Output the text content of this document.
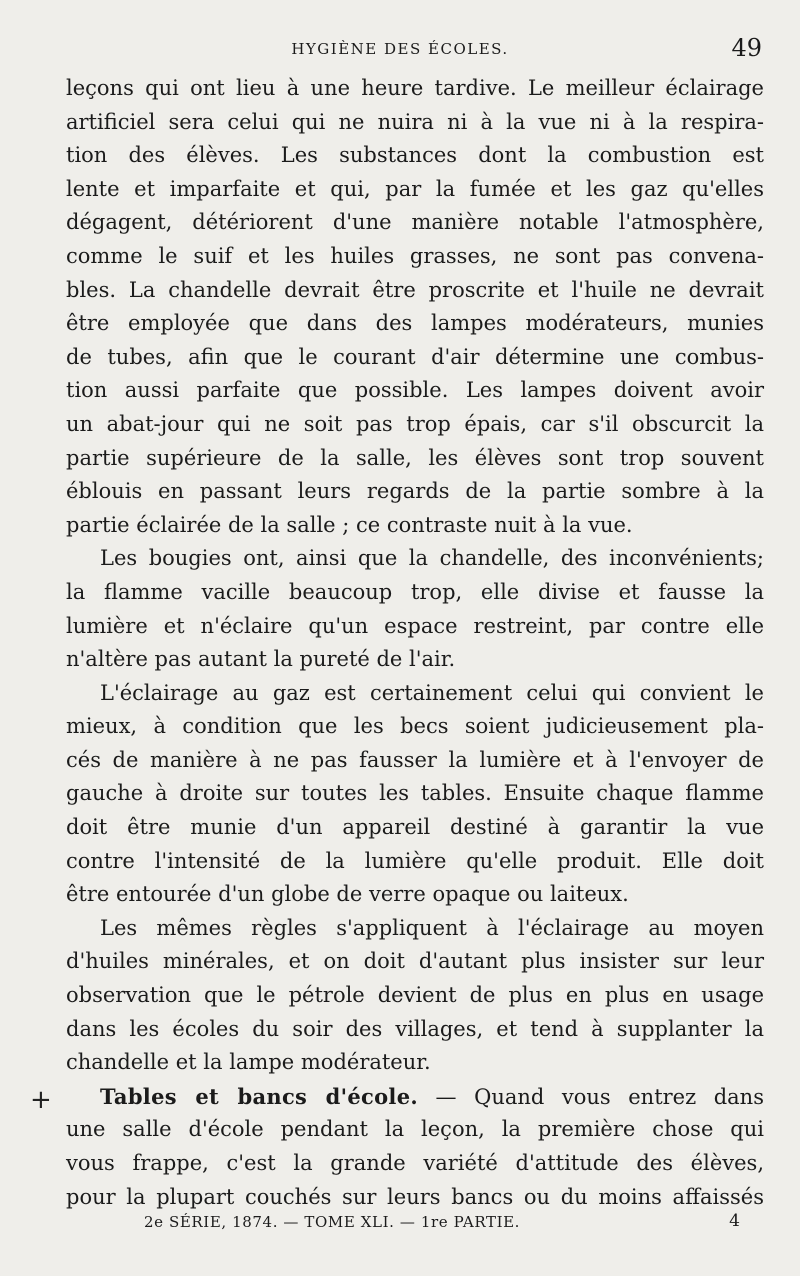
HYGIÈNE DES ÉCOLES.	49
leçons qui ont lieu à une heure tardive. Le meilleur éclairage
artificiel sera celui qui ne nuira ni à la vue ni à la respira-
tion des élèves. Les substances dont la combustion est
lente et imparfaite et qui, par la fumée et les gaz qu'elles
dégagent, détériorent d'une manière notable l'atmosphère,
comme le suif et les huiles grasses, ne sont pas convena-
bles. La chandelle devrait être proscrite et l'huile ne devrait
être employée que dans des lampes modérateurs, munies
de tubes, afin que le courant d'air détermine une combus-
tion aussi parfaite que possible. Les lampes doivent avoir
un abat-jour qui ne soit pas trop épais, car s'il obscurcit la
partie supérieure de la salle, les élèves sont trop souvent
éblouis en passant leurs regards de la partie sombre à la
partie éclairée de la salle ; ce contraste nuit à la vue.
Les bougies ont, ainsi que la chandelle, des inconvénients;
la flamme vacille beaucoup trop, elle divise et fausse la
lumière et n'éclaire qu'un espace restreint, par contre elle
n'altère pas autant la pureté de l'air.
L'éclairage au gaz est certainement celui qui convient le
mieux, à condition que les becs soient judicieusement pla-
cés de manière à ne pas fausser la lumière et à l'envoyer de
gauche à droite sur toutes les tables. Ensuite chaque flamme
doit être munie d'un appareil destiné à garantir la vue
contre l'intensité de la lumière qu'elle produit. Elle doit
être entourée d'un globe de verre opaque ou laiteux.
Les mêmes règles s'appliquent à l'éclairage au moyen
d'huiles minérales, et on doit d'autant plus insister sur leur
observation que le pétrole devient de plus en plus en usage
dans les écoles du soir des villages, et tend à supplanter la
chandelle et la lampe modérateur.
Tables et bancs d'école. — Quand vous entrez dans
une salle d'école pendant la leçon, la première chose qui
vous frappe, c'est la grande variété d'attitude des élèves,
pour la plupart couchés sur leurs bancs ou du moins affaissés
+
2e SÉRIE, 1874. — TOME XLI. — 1re PARTIE.	4
